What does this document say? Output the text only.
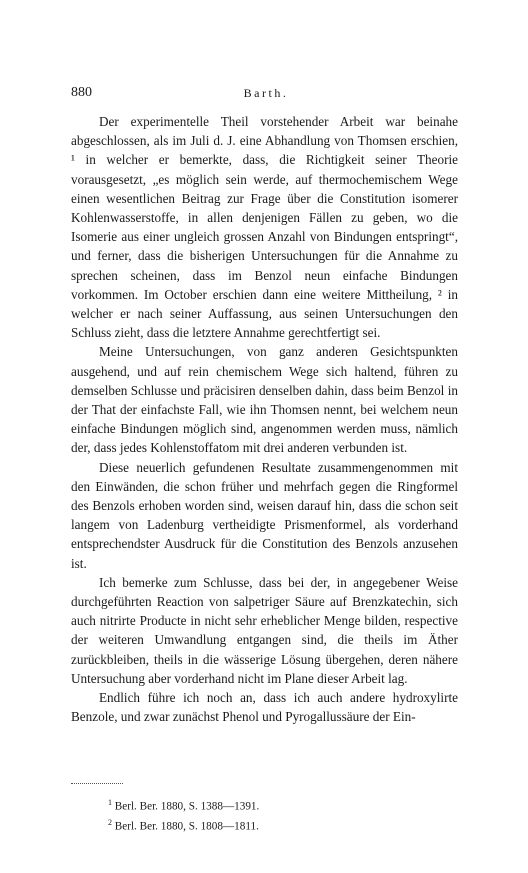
880	Barth.

Der experimentelle Theil vorstehender Arbeit war beinahe abgeschlossen, als im Juli d. J. eine Abhandlung von Thomsen erschien, ¹ in welcher er bemerkte, dass, die Richtigkeit seiner Theorie vorausgesetzt, „es möglich sein werde, auf thermochemischem Wege einen wesentlichen Beitrag zur Frage über die Constitution isomerer Kohlenwasserstoffe, in allen denjenigen Fällen zu geben, wo die Isomerie aus einer ungleich grossen Anzahl von Bindungen entspringt“, und ferner, dass die bisherigen Untersuchungen für die Annahme zu sprechen scheinen, dass im Benzol neun einfache Bindungen vorkommen. Im October erschien dann eine weitere Mittheilung, ² in welcher er nach seiner Auffassung, aus seinen Untersuchungen den Schluss zieht, dass die letztere Annahme gerechtfertigt sei.

Meine Untersuchungen, von ganz anderen Gesichtspunkten ausgehend, und auf rein chemischem Wege sich haltend, führen zu demselben Schlusse und präcisiren denselben dahin, dass beim Benzol in der That der einfachste Fall, wie ihn Thomsen nennt, bei welchem neun einfache Bindungen möglich sind, angenommen werden muss, nämlich der, dass jedes Kohlenstoffatom mit drei anderen verbunden ist.

Diese neuerlich gefundenen Resultate zusammengenommen mit den Einwänden, die schon früher und mehrfach gegen die Ringformel des Benzols erhoben worden sind, weisen darauf hin, dass die schon seit langem von Ladenburg vertheidigte Prismenformel, als vorderhand entsprechendster Ausdruck für die Constitution des Benzols anzusehen ist.

Ich bemerke zum Schlusse, dass bei der, in angegebener Weise durchgeführten Reaction von salpetriger Säure auf Brenzkatechin, sich auch nitrirte Producte in nicht sehr erheblicher Menge bilden, respective der weiteren Umwandlung entgangen sind, die theils im Äther zurückbleiben, theils in die wässerige Lösung übergehen, deren nähere Untersuchung aber vorderhand nicht im Plane dieser Arbeit lag.

Endlich führe ich noch an, dass ich auch andere hydroxylirte Benzole, und zwar zunächst Phenol und Pyrogallussäure der Ein-

$^1$ Berl. Ber. 1880, S. 1388—1391.
$^2$ Berl. Ber. 1880, S. 1808—1811.
